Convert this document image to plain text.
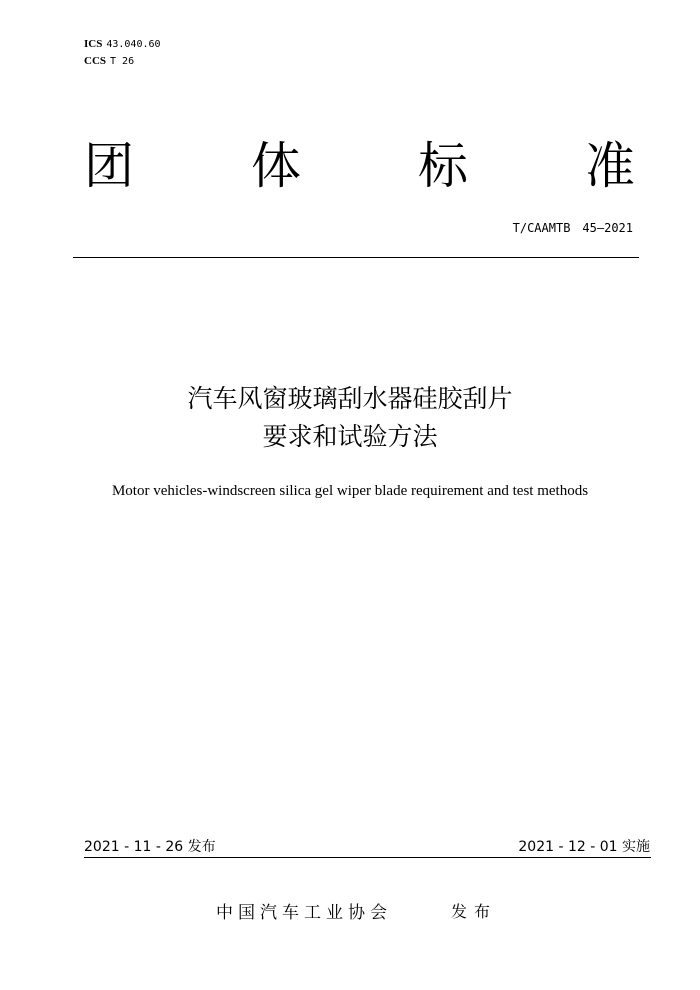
ICS 43.040.60
CCS T 26
团 体 标 准
T/CAAMTB 45—2021
汽车风窗玻璃刮水器硅胶刮片
要求和试验方法
Motor vehicles-windscreen silica gel wiper blade requirement and test methods
2021 - 11 - 26 发布	2021 - 12 - 01 实施
中国汽车工业协会	发布
